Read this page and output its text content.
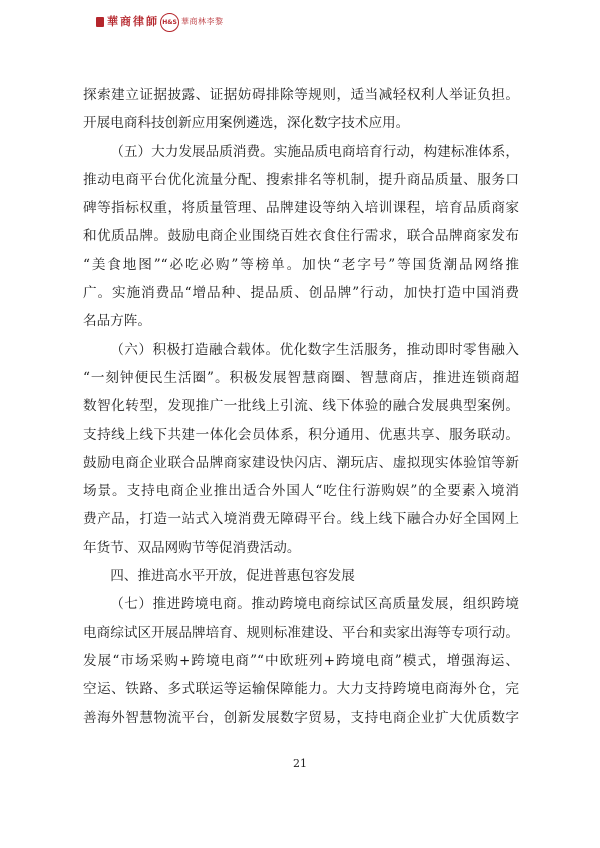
華商律師 H&S 華商林李黎
探索建立证据披露、证据妨碍排除等规则，适当减轻权利人举证负担。
开展电商科技创新应用案例遴选，深化数字技术应用。
（五）大力发展品质消费。实施品质电商培育行动，构建标准体系，
推动电商平台优化流量分配、搜索排名等机制，提升商品质量、服务口
碑等指标权重，将质量管理、品牌建设等纳入培训课程，培育品质商家
和优质品牌。鼓励电商企业围绕百姓衣食住行需求，联合品牌商家发布
“美食地图”“必吃必购”等榜单。加快“老字号”等国货潮品网络推
广。实施消费品“增品种、提品质、创品牌”行动，加快打造中国消费
名品方阵。
（六）积极打造融合载体。优化数字生活服务，推动即时零售融入
“一刻钟便民生活圈”。积极发展智慧商圈、智慧商店，推进连锁商超
数智化转型，发现推广一批线上引流、线下体验的融合发展典型案例。
支持线上线下共建一体化会员体系，积分通用、优惠共享、服务联动。
鼓励电商企业联合品牌商家建设快闪店、潮玩店、虚拟现实体验馆等新
场景。支持电商企业推出适合外国人“吃住行游购娱”的全要素入境消
费产品，打造一站式入境消费无障碍平台。线上线下融合办好全国网上
年货节、双品网购节等促消费活动。
四、推进高水平开放，促进普惠包容发展
（七）推进跨境电商。推动跨境电商综试区高质量发展，组织跨境
电商综试区开展品牌培育、规则标准建设、平台和卖家出海等专项行动。
发展“市场采购+跨境电商”“中欧班列+跨境电商”模式，增强海运、
空运、铁路、多式联运等运输保障能力。大力支持跨境电商海外仓，完
善海外智慧物流平台，创新发展数字贸易，支持电商企业扩大优质数字
21
